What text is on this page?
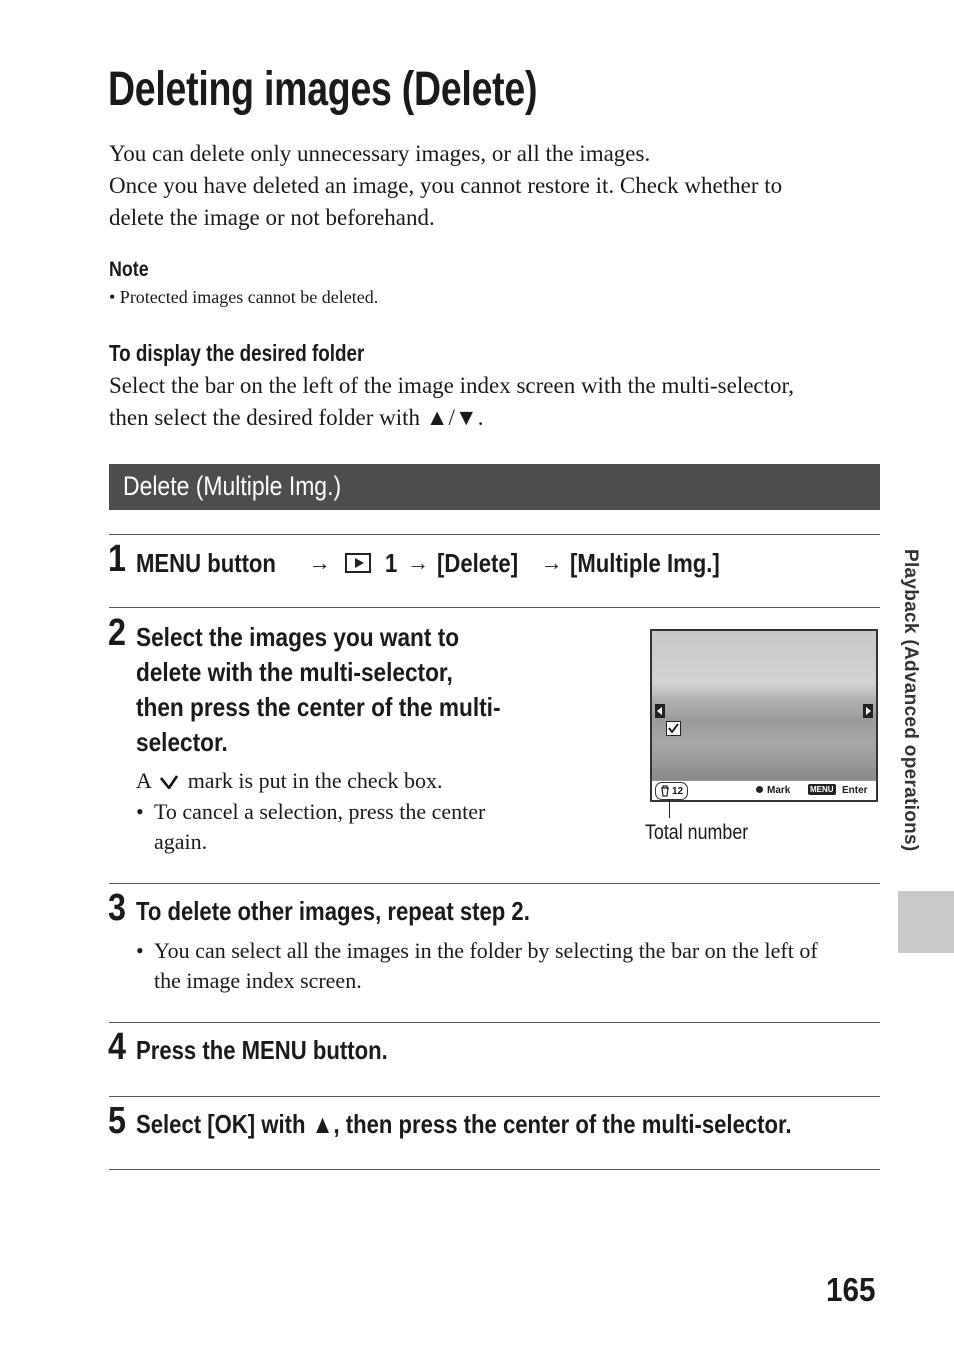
Deleting images (Delete)
You can delete only unnecessary images, or all the images.
Once you have deleted an image, you cannot restore it. Check whether to
delete the image or not beforehand.
Note
• Protected images cannot be deleted.
To display the desired folder
Select the bar on the left of the image index screen with the multi-selector,
then select the desired folder with ▲/▼.
Delete (Multiple Img.)
1 MENU button → 1 → [Delete] → [Multiple Img.]
2 Select the images you want to
delete with the multi-selector,
then press the center of the multi-
selector.
A mark is put in the check box.
• To cancel a selection, press the center
again.
12	Mark MENU Enter
Total number
3 To delete other images, repeat step 2.
• You can select all the images in the folder by selecting the bar on the left of
the image index screen.
4 Press the MENU button.
5 Select [OK] with ▲, then press the center of the multi-selector.
Playback (Advanced operations)
165
